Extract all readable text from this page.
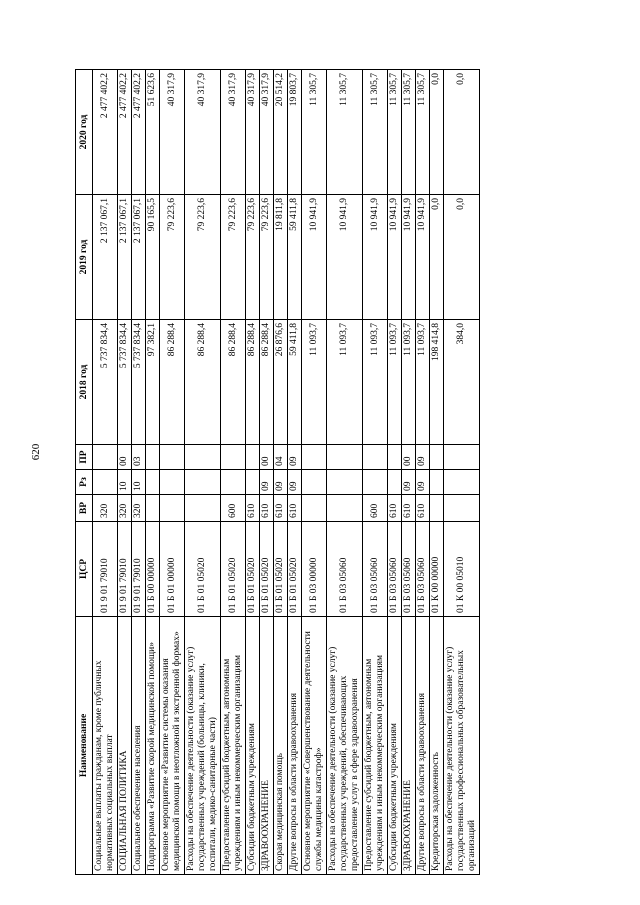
620
Наименование	ЦСР	ВР	Рз	ПР	2018 год	2019 год	2020 год
Социальные выплаты гражданам, кроме публичных нормативных социальных выплат	01 9 01 79010	320			5 737 834,4	2 137 067,1	2 477 402,2
СОЦИАЛЬНАЯ ПОЛИТИКА	01 9 01 79010	320	10	00	5 737 834,4	2 137 067,1	2 477 402,2
Социальное обеспечение населения	01 9 01 79010	320	10	03	5 737 834,4	2 137 067,1	2 477 402,2
Подпрограмма «Развитие скорой медицинской помощи»	01 Б 00 00000				97 382,1	90 165,5	51 623,6
Основное мероприятие «Развитие системы оказания медицинской помощи в неотложной и экстренной формах»	01 Б 01 00000				86 288,4	79 223,6	40 317,9
Расходы на обеспечение деятельности (оказание услуг) государственных учреждений (больницы, клиники, госпитали, медико-санитарные части)	01 Б 01 05020				86 288,4	79 223,6	40 317,9
Предоставление субсидий бюджетным, автономным учреждениям и иным некоммерческим организациям	01 Б 01 05020	600			86 288,4	79 223,6	40 317,9
Субсидии бюджетным учреждениям	01 Б 01 05020	610			86 288,4	79 223,6	40 317,9
ЗДРАВООХРАНЕНИЕ	01 Б 01 05020	610	09	00	86 288,4	79 223,6	40 317,9
Скорая медицинская помощь	01 Б 01 05020	610	09	04	26 876,6	19 811,8	20 514,2
Другие вопросы в области здравоохранения	01 Б 01 05020	610	09	09	59 411,8	59 411,8	19 803,7
Основное мероприятие «Совершенствование деятельности службы медицины катастроф»	01 Б 03 00000				11 093,7	10 941,9	11 305,7
Расходы на обеспечение деятельности (оказание услуг) государственных учреждений, обеспечивающих предоставление услуг в сфере здравоохранения	01 Б 03 05060				11 093,7	10 941,9	11 305,7
Предоставление субсидий бюджетным, автономным учреждениям и иным некоммерческим организациям	01 Б 03 05060	600			11 093,7	10 941,9	11 305,7
Субсидии бюджетным учреждениям	01 Б 03 05060	610			11 093,7	10 941,9	11 305,7
ЗДРАВООХРАНЕНИЕ	01 Б 03 05060	610	09	00	11 093,7	10 941,9	11 305,7
Другие вопросы в области здравоохранения	01 Б 03 05060	610	09	09	11 093,7	10 941,9	11 305,7
Кредиторская задолженность	01 К 00 00000				198 414,8	0,0	0,0
Расходы на обеспечение деятельности (оказание услуг) государственных профессиональных образовательных организаций	01 К 00 05010				384,0	0,0	0,0
